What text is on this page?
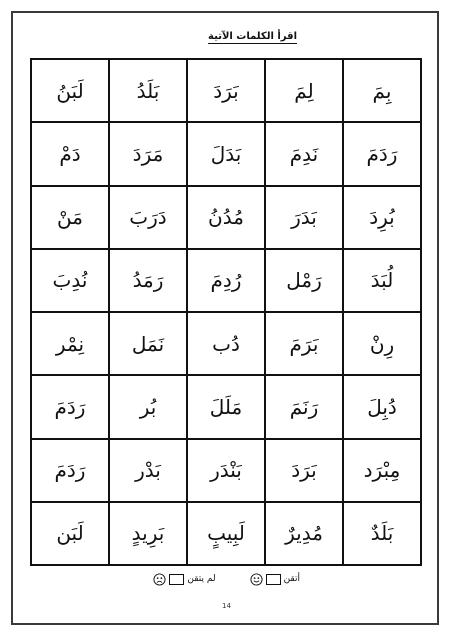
اقرأ الكلمات الآتية
بِمَ	لِمَ	بَرَدَ	بَلَدُ	لَبَنُ
رَدَمَ	نَدِمَ	بَدَلَ	مَرَدَ	دَمْ
بُرِدَ	بَدَرَ	مُدُنُ	دَرَبَ	مَنْ
لُبَدَ	رَمْل	رُدِمَ	رَمَدُ	نُدِبَ
رِنْ	بَرَمَ	دُب	نَمَل	نِمْر
دُبِلَ	رَنَمَ	مَلَلَ	بُر	رَدَمَ
مِبْرَد	بَرَدَ	بَنْدَر	بَدْر	رَدَمَ
بَلَدٌ	مُدِيرٌ	لَبِيبٍ	بَرِيدٍ	لَبَن
أتقن
لم يتقن
14
